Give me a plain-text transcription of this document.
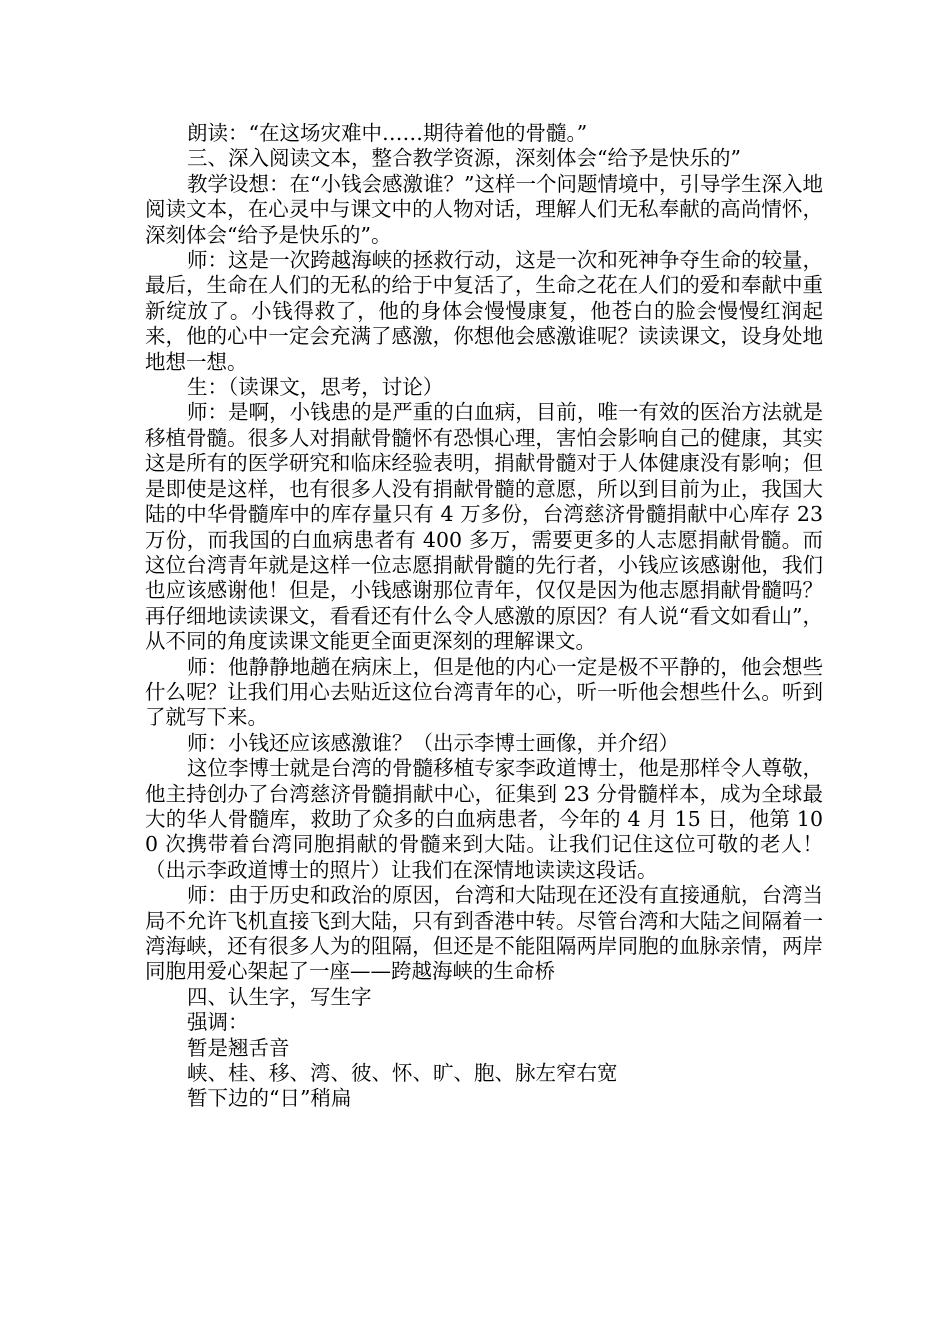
朗读：“在这场灾难中……期待着他的骨髓。”

三、深入阅读文本，整合教学资源，深刻体会“给予是快乐的”

教学设想：在“小钱会感激谁？”这样一个问题情境中，引导学生深入地阅读文本，在心灵中与课文中的人物对话，理解人们无私奉献的高尚情怀，深刻体会“给予是快乐的”。

师：这是一次跨越海峡的拯救行动，这是一次和死神争夺生命的较量，最后，生命在人们的无私的给于中复活了，生命之花在人们的爱和奉献中重新绽放了。小钱得救了，他的身体会慢慢康复，他苍白的脸会慢慢红润起来，他的心中一定会充满了感激，你想他会感激谁呢？读读课文，设身处地地想一想。

生：（读课文，思考，讨论）

师：是啊，小钱患的是严重的白血病，目前，唯一有效的医治方法就是移植骨髓。很多人对捐献骨髓怀有恐惧心理，害怕会影响自己的健康，其实这是所有的医学研究和临床经验表明，捐献骨髓对于人体健康没有影响；但是即使是这样，也有很多人没有捐献骨髓的意愿，所以到目前为止，我国大陆的中华骨髓库中的库存量只有 4 万多份，台湾慈济骨髓捐献中心库存 23 万份，而我国的白血病患者有 400 多万，需要更多的人志愿捐献骨髓。而这位台湾青年就是这样一位志愿捐献骨髓的先行者，小钱应该感谢他，我们也应该感谢他！但是，小钱感谢那位青年，仅仅是因为他志愿捐献骨髓吗？再仔细地读读课文，看看还有什么令人感激的原因？有人说“看文如看山”，从不同的角度读课文能更全面更深刻的理解课文。

师：他静静地趟在病床上，但是他的内心一定是极不平静的，他会想些什么呢？让我们用心去贴近这位台湾青年的心，听一听他会想些什么。听到了就写下来。

师：小钱还应该感激谁？（出示李博士画像，并介绍）

这位李博士就是台湾的骨髓移植专家李政道博士，他是那样令人尊敬，他主持创办了台湾慈济骨髓捐献中心，征集到 23 分骨髓样本，成为全球最大的华人骨髓库，救助了众多的白血病患者，今年的 4 月 15 日，他第 100 次携带着台湾同胞捐献的骨髓来到大陆。让我们记住这位可敬的老人！（出示李政道博士的照片）让我们在深情地读读这段话。

师：由于历史和政治的原因，台湾和大陆现在还没有直接通航，台湾当局不允许飞机直接飞到大陆，只有到香港中转。尽管台湾和大陆之间隔着一湾海峡，还有很多人为的阻隔，但还是不能阻隔两岸同胞的血脉亲情，两岸同胞用爱心架起了一座——跨越海峡的生命桥

四、认生字，写生字

强调：

暂是翘舌音

峡、桂、移、湾、彼、怀、旷、胞、脉左窄右宽

暂下边的“日”稍扁
